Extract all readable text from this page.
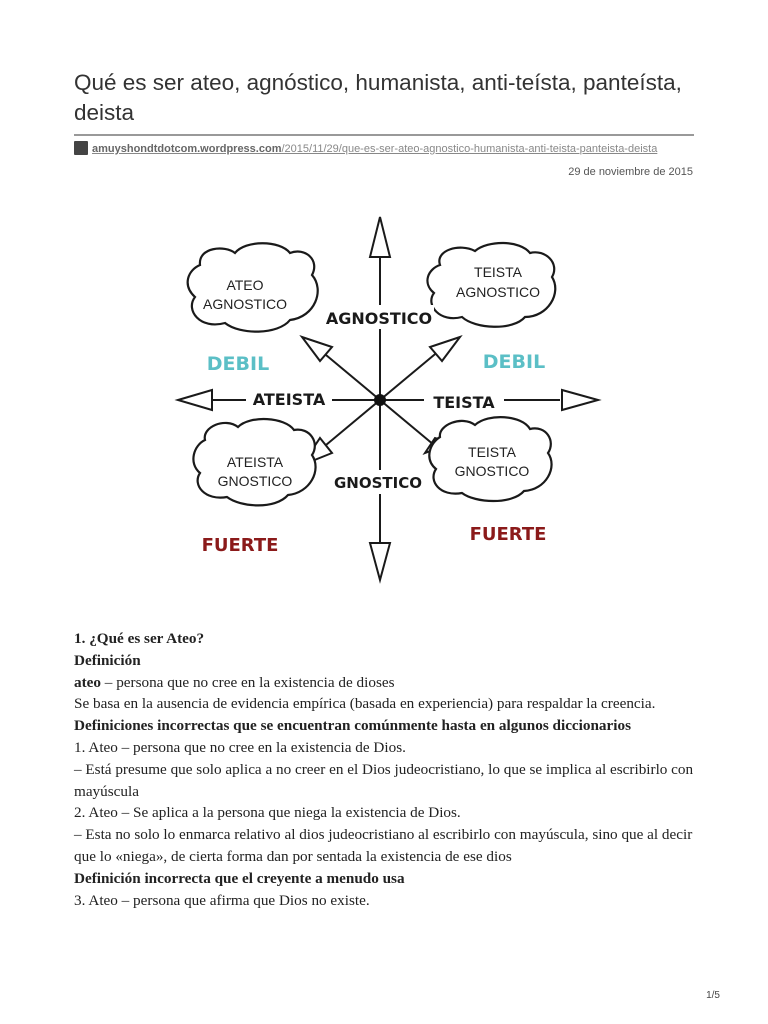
Qué es ser ateo, agnóstico, humanista, anti-teísta, panteísta, deista
amuyshondtdotcom.wordpress.com/2015/11/29/que-es-ser-ateo-agnostico-humanista-anti-teista-panteista-deista
29 de noviembre de 2015
ATEO
AGNOSTICO
TEISTA
AGNOSTICO
ATEISTA
GNOSTICO
TEISTA
GNOSTICO
AGNOSTICO
GNOSTICO
ATEISTA	TEISTA
DEBIL	DEBIL
FUERTE
FUERTE

1. ¿Qué es ser Ateo?

Definición

ateo – persona que no cree en la existencia de dioses

Se basa en la ausencia de evidencia empírica (basada en experiencia) para respaldar la creencia.

Definiciones incorrectas que se encuentran comúnmente hasta en algunos diccionarios

1. Ateo – persona que no cree en la existencia de Dios.

– Está presume que solo aplica a no creer en el Dios judeocristiano, lo que se implica al escribirlo con mayúscula

2. Ateo – Se aplica a la persona que niega la existencia de Dios.

– Esta no solo lo enmarca relativo al dios judeocristiano al escribirlo con mayúscula, sino que al decir que lo «niega», de cierta forma dan por sentada la existencia de ese dios

Definición incorrecta que el creyente a menudo usa

3. Ateo – persona que afirma que Dios no existe.

1/5
